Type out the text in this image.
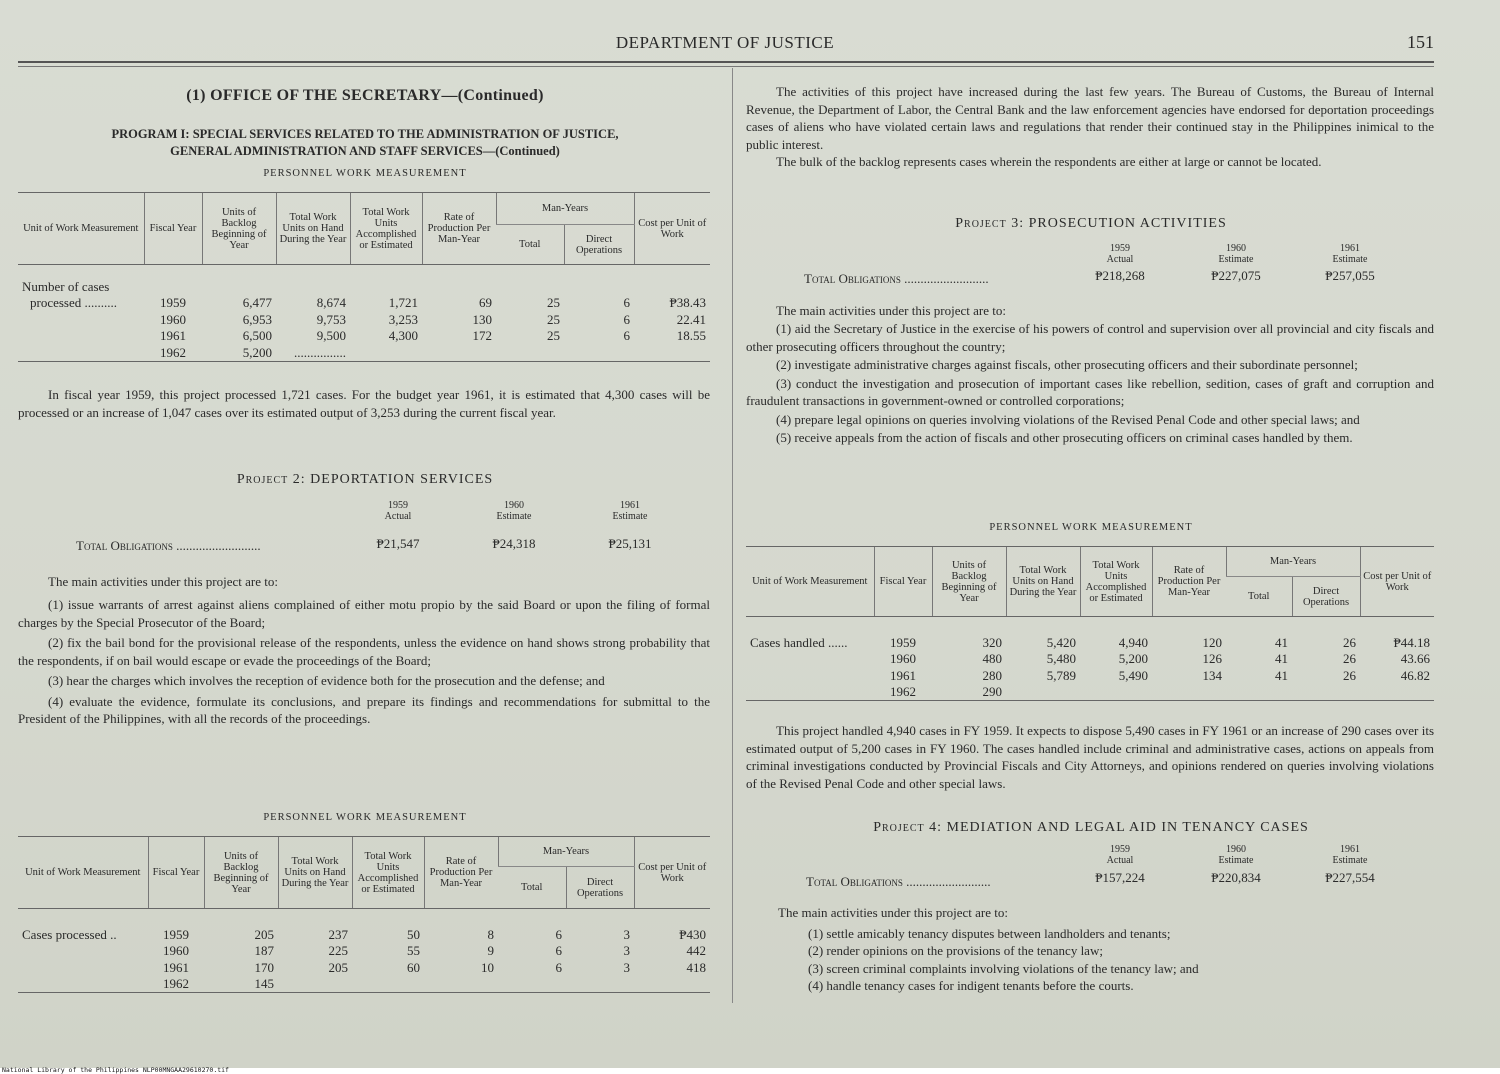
DEPARTMENT OF JUSTICE	151
(1) OFFICE OF THE SECRETARY—(Continued)
PROGRAM I: SPECIAL SERVICES RELATED TO THE ADMINISTRATION OF JUSTICE,
GENERAL ADMINISTRATION AND STAFF SERVICES—(Continued)
PERSONNEL WORK MEASUREMENT
Unit of Work Measurement	Fiscal Year	Units of Backlog Beginning of Year	Total Work Units on Hand During the Year	Total Work Units Accomplished or Estimated	Rate of Production Per Man-Year	Man-Years		Cost per Unit of Work
						Total	Direct Operations	
Number of cases								
processed ..........	1959	6,477	8,674	1,721	69	25	6	₱38.43
	1960	6,953	9,753	3,253	130	25	6	22.41
	1961	6,500	9,500	4,300	172	25	6	18.55
	1962	5,200	................					

In fiscal year 1959, this project processed 1,721 cases. For the budget year 1961, it is estimated that 4,300 cases will be processed or an increase of 1,047 cases over its estimated output of 3,253 during the current fiscal year.

Project 2: DEPORTATION SERVICES
1959
Actual
1960
Estimate
1961
Estimate
Total Obligations ..........................	₱21,547	₱24,318	₱25,131

The main activities under this project are to:

(1) issue warrants of arrest against aliens complained of either motu propio by the said Board or upon the filing of formal charges by the Special Prosecutor of the Board;

(2) fix the bail bond for the provisional release of the respondents, unless the evidence on hand shows strong probability that the respondents, if on bail would escape or evade the proceedings of the Board;

(3) hear the charges which involves the reception of evidence both for the prosecution and the defense; and

(4) evaluate the evidence, formulate its conclusions, and prepare its findings and recommendations for submittal to the President of the Philippines, with all the records of the proceedings.

PERSONNEL WORK MEASUREMENT
Unit of Work Measurement	Fiscal Year	Units of Backlog Beginning of Year	Total Work Units on Hand During the Year	Total Work Units Accomplished or Estimated	Rate of Production Per Man-Year	Man-Years		Cost per Unit of Work
						Total	Direct Operations	
Cases processed ..	1959	205	237	50	8	6	3	₱430
	1960	187	225	55	9	6	3	442
	1961	170	205	60	10	6	3	418
	1962	145						

The activities of this project have increased during the last few years. The Bureau of Customs, the Bureau of Internal Revenue, the Department of Labor, the Central Bank and the law enforcement agencies have endorsed for deportation proceedings cases of aliens who have violated certain laws and regulations that render their continued stay in the Philippines inimical to the public interest.

The bulk of the backlog represents cases wherein the respondents are either at large or cannot be located.

Project 3: PROSECUTION ACTIVITIES
1959
Actual
1960
Estimate
1961
Estimate
Total Obligations ..........................	₱218,268	₱227,075	₱257,055

The main activities under this project are to:

(1) aid the Secretary of Justice in the exercise of his powers of control and supervision over all provincial and city fiscals and other prosecuting officers throughout the country;

(2) investigate administrative charges against fiscals, other prosecuting officers and their subordinate personnel;

(3) conduct the investigation and prosecution of important cases like rebellion, sedition, cases of graft and corruption and fraudulent transactions in government-owned or controlled corporations;

(4) prepare legal opinions on queries involving violations of the Revised Penal Code and other special laws; and

(5) receive appeals from the action of fiscals and other prosecuting officers on criminal cases handled by them.

PERSONNEL WORK MEASUREMENT
Unit of Work Measurement	Fiscal Year	Units of Backlog Beginning of Year	Total Work Units on Hand During the Year	Total Work Units Accomplished or Estimated	Rate of Production Per Man-Year	Man-Years		Cost per Unit of Work
						Total	Direct Operations	
Cases handled ......	1959	320	5,420	4,940	120	41	26	₱44.18
	1960	480	5,480	5,200	126	41	26	43.66
	1961	280	5,789	5,490	134	41	26	46.82
	1962	290						

This project handled 4,940 cases in FY 1959. It expects to dispose 5,490 cases in FY 1961 or an increase of 290 cases over its estimated output of 5,200 cases in FY 1960. The cases handled include criminal and administrative cases, actions on appeals from criminal investigations conducted by Provincial Fiscals and City Attorneys, and opinions rendered on queries involving violations of the Revised Penal Code and other special laws.

Project 4: MEDIATION AND LEGAL AID IN TENANCY CASES
1959
Actual
1960
Estimate
1961
Estimate
Total Obligations ..........................	₱157,224	₱220,834	₱227,554

The main activities under this project are to:

(1) settle amicably tenancy disputes between landholders and tenants;

(2) render opinions on the provisions of the tenancy law;

(3) screen criminal complaints involving violations of the tenancy law; and

(4) handle tenancy cases for indigent tenants before the courts.

National Library of the Philippines NLP00MNGAA29610270.tif
